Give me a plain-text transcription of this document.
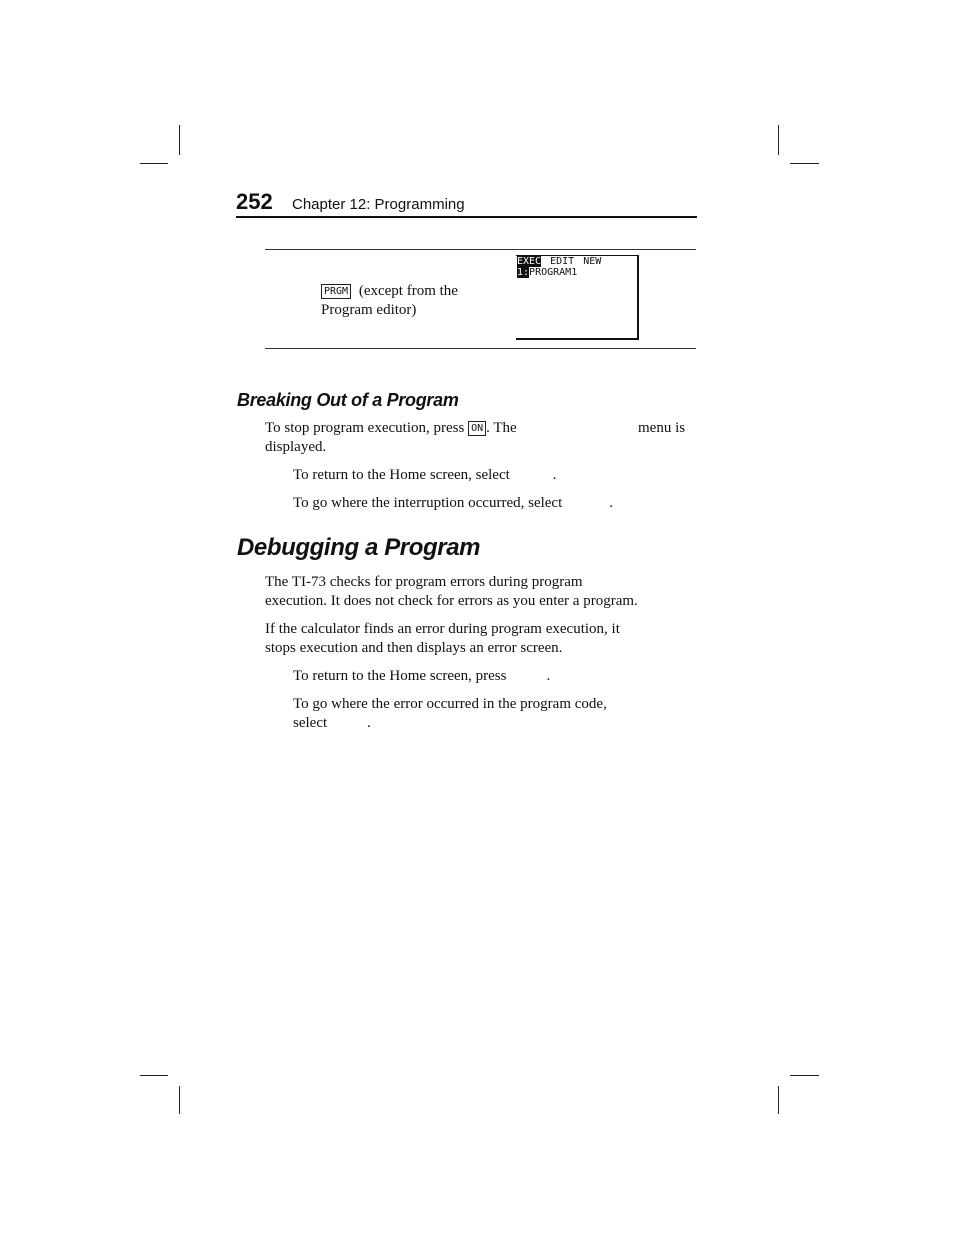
252 Chapter 12: Programming
PRGM (except from the
Program editor)
EXEC EDIT NEW
1:PROGRAM1
Breaking Out of a Program
To stop program execution, press ON . The	menu is
displayed.
To return to the Home screen, select	.
To go where the interruption occurred, select	.
Debugging a Program
The TI-73 checks for program errors during program
execution. It does not check for errors as you enter a program.
If the calculator finds an error during program execution, it
stops execution and then displays an error screen.
To return to the Home screen, press	.
To go where the error occurred in the program code,
select	.
